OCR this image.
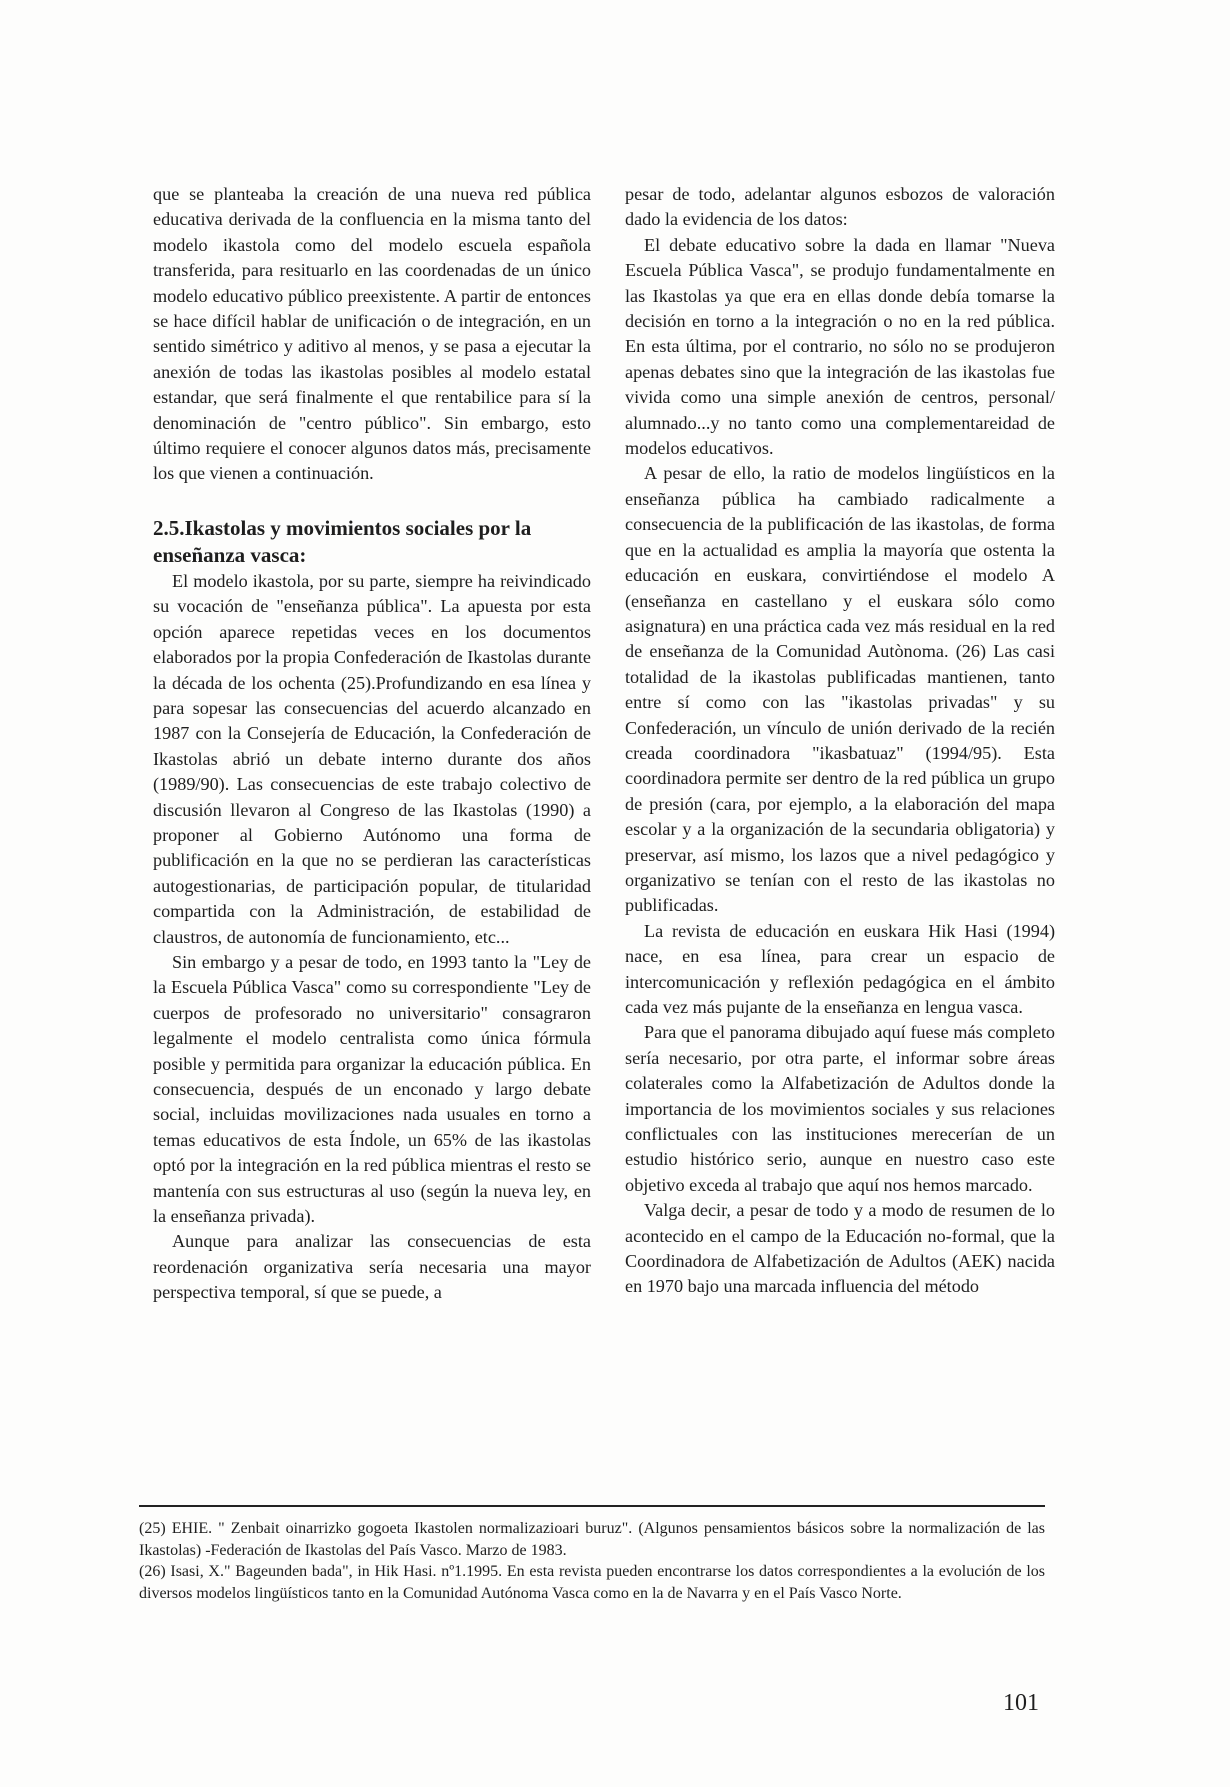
que se planteaba la creación de una nueva red pública educativa derivada de la confluencia en la misma tanto del modelo ikastola como del modelo escuela española transferida, para resituarlo en las coordenadas de un único modelo educativo público preexistente. A partir de entonces se hace difícil hablar de unificación o de integración, en un sentido simétrico y aditivo al menos, y se pasa a ejecutar la anexión de todas las ikastolas posibles al modelo estatal estandar, que será finalmente el que rentabilice para sí la denominación de "centro público". Sin embargo, esto último requiere el conocer algunos datos más, precisamente los que vienen a continuación.

2.5.Ikastolas y movimientos sociales por la enseñanza vasca:

El modelo ikastola, por su parte, siempre ha reivindicado su vocación de "enseñanza pública". La apuesta por esta opción aparece repetidas veces en los documentos elaborados por la propia Confederación de Ikastolas durante la década de los ochenta (25).Profundizando en esa línea y para sopesar las consecuencias del acuerdo alcanzado en 1987 con la Consejería de Educación, la Confederación de Ikastolas abrió un debate interno durante dos años (1989/90). Las consecuencias de este trabajo colectivo de discusión llevaron al Congreso de las Ikastolas (1990) a proponer al Gobierno Autónomo una forma de publificación en la que no se perdieran las características autogestionarias, de participación popular, de titularidad compartida con la Administración, de estabilidad de claustros, de autonomía de funcionamiento, etc...

Sin embargo y a pesar de todo, en 1993 tanto la "Ley de la Escuela Pública Vasca" como su correspondiente "Ley de cuerpos de profesorado no universitario" consagraron legalmente el modelo centralista como única fórmula posible y permitida para organizar la educación pública. En consecuencia, después de un enconado y largo debate social, incluidas movilizaciones nada usuales en torno a temas educativos de esta Índole, un 65% de las ikastolas optó por la integración en la red pública mientras el resto se mantenía con sus estructuras al uso (según la nueva ley, en la enseñanza privada).

Aunque para analizar las consecuencias de esta reordenación organizativa sería necesaria una mayor perspectiva temporal, sí que se puede, a

pesar de todo, adelantar algunos esbozos de valoración dado la evidencia de los datos:

El debate educativo sobre la dada en llamar "Nueva Escuela Pública Vasca", se produjo fundamentalmente en las Ikastolas ya que era en ellas donde debía tomarse la decisión en torno a la integración o no en la red pública. En esta última, por el contrario, no sólo no se produjeron apenas debates sino que la integración de las ikastolas fue vivida como una simple anexión de centros, personal/ alumnado...y no tanto como una complementareidad de modelos educativos.

A pesar de ello, la ratio de modelos lingüísticos en la enseñanza pública ha cambiado radicalmente a consecuencia de la publificación de las ikastolas, de forma que en la actualidad es amplia la mayoría que ostenta la educación en euskara, convirtiéndose el modelo A (enseñanza en castellano y el euskara sólo como asignatura) en una práctica cada vez más residual en la red de enseñanza de la Comunidad Autònoma. (26) Las casi totalidad de la ikastolas publificadas mantienen, tanto entre sí como con las "ikastolas privadas" y su Confederación, un vínculo de unión derivado de la recién creada coordinadora "ikasbatuaz" (1994/95). Esta coordinadora permite ser dentro de la red pública un grupo de presión (cara, por ejemplo, a la elaboración del mapa escolar y a la organización de la secundaria obligatoria) y preservar, así mismo, los lazos que a nivel pedagógico y organizativo se tenían con el resto de las ikastolas no publificadas.

La revista de educación en euskara Hik Hasi (1994) nace, en esa línea, para crear un espacio de intercomunicación y reflexión pedagógica en el ámbito cada vez más pujante de la enseñanza en lengua vasca.

Para que el panorama dibujado aquí fuese más completo sería necesario, por otra parte, el informar sobre áreas colaterales como la Alfabetización de Adultos donde la importancia de los movimientos sociales y sus relaciones conflictuales con las instituciones merecerían de un estudio histórico serio, aunque en nuestro caso este objetivo exceda al trabajo que aquí nos hemos marcado.

Valga decir, a pesar de todo y a modo de resumen de lo acontecido en el campo de la Educación no-formal, que la Coordinadora de Alfabetización de Adultos (AEK) nacida en 1970 bajo una marcada influencia del método

(25) EHIE. " Zenbait oinarrizko gogoeta Ikastolen normalizazioari buruz". (Algunos pensamientos básicos sobre la normalización de las Ikastolas) -Federación de Ikastolas del País Vasco. Marzo de 1983.

(26) Isasi, X." Bageunden bada", in Hik Hasi. nº1.1995. En esta revista pueden encontrarse los datos correspondientes a la evolución de los diversos modelos lingüísticos tanto en la Comunidad Autónoma Vasca como en la de Navarra y en el País Vasco Norte.

101
